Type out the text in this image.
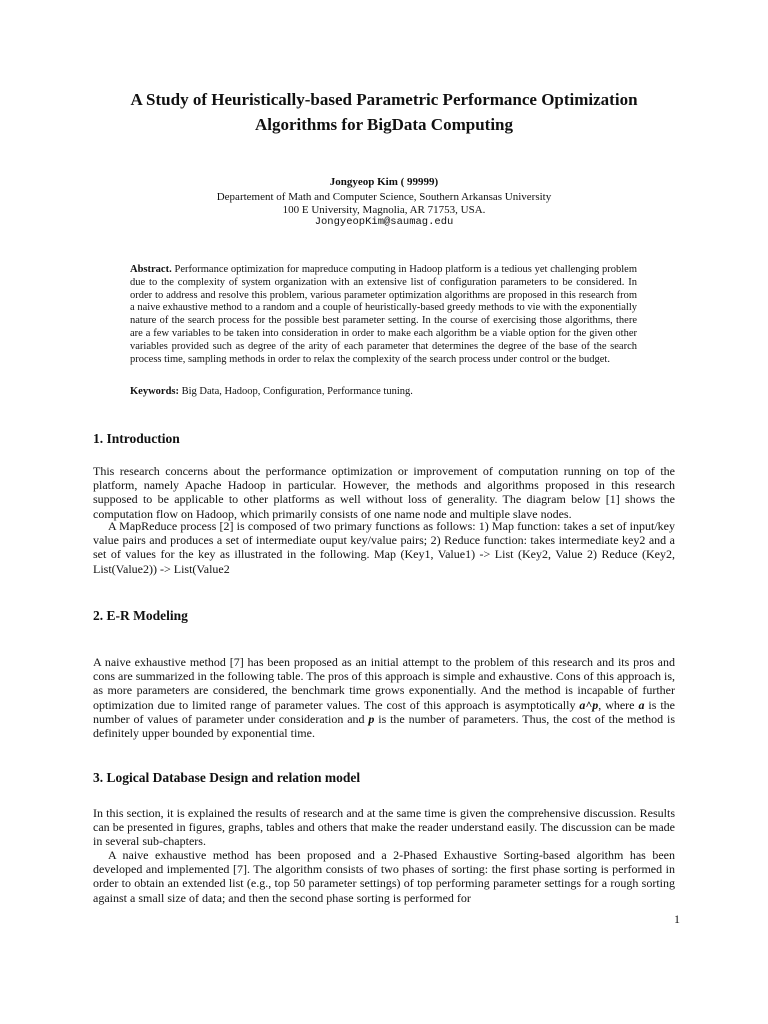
A Study of Heuristically-based Parametric Performance Optimization
Algorithms for BigData Computing
Jongyeop Kim ( 99999)
Departement of Math and Computer Science, Southern Arkansas University
100 E University, Magnolia, AR 71753, USA.
JongyeopKim@saumag.edu
Abstract. Performance optimization for mapreduce computing in Hadoop platform is a tedious yet challenging problem due to the complexity of system organization with an extensive list of configuration parameters to be considered. In order to address and resolve this problem, various parameter optimization algorithms are proposed in this research from a naive exhaustive method to a random and a couple of heuristically-based greedy methods to vie with the exponentially nature of the search process for the possible best parameter setting. In the course of exercising those algorithms, there are a few variables to be taken into consideration in order to make each algorithm be a viable option for the given other variables provided such as degree of the arity of each parameter that determines the degree of the base of the search process time, sampling methods in order to relax the complexity of the search process under control or the budget.
Keywords: Big Data, Hadoop, Configuration, Performance tuning.
1. Introduction
This research concerns about the performance optimization or improvement of computation running on top of the platform, namely Apache Hadoop in particular. However, the methods and algorithms proposed in this research supposed to be applicable to other platforms as well without loss of generality. The diagram below [1] shows the computation flow on Hadoop, which primarily consists of one name node and multiple slave nodes.
A MapReduce process [2] is composed of two primary functions as follows: 1) Map function: takes a set of input/key value pairs and produces a set of intermediate ouput key/value pairs; 2) Reduce function: takes intermediate key2 and a set of values for the key as illustrated in the following. Map (Key1, Value1) -> List (Key2, Value 2) Reduce (Key2, List(Value2)) -> List(Value2
2. E-R Modeling
A naive exhaustive method [7] has been proposed as an initial attempt to the problem of this research and its pros and cons are summarized in the following table. The pros of this approach is simple and exhaustive. Cons of this approach is, as more parameters are considered, the benchmark time grows exponentially. And the method is incapable of further optimization due to limited range of parameter values. The cost of this approach is asymptotically a^p, where a is the number of values of parameter under consideration and p is the number of parameters. Thus, the cost of the method is definitely upper bounded by exponential time.
3. Logical Database Design and relation model
In this section, it is explained the results of research and at the same time is given the comprehensive discussion. Results can be presented in figures, graphs, tables and others that make the reader understand easily. The discussion can be made in several sub-chapters.
A naive exhaustive method has been proposed and a 2-Phased Exhaustive Sorting-based algorithm has been developed and implemented [7]. The algorithm consists of two phases of sorting: the first phase sorting is performed in order to obtain an extended list (e.g., top 50 parameter settings) of top performing parameter settings for a rough sorting against a small size of data; and then the second phase sorting is performed for
1
